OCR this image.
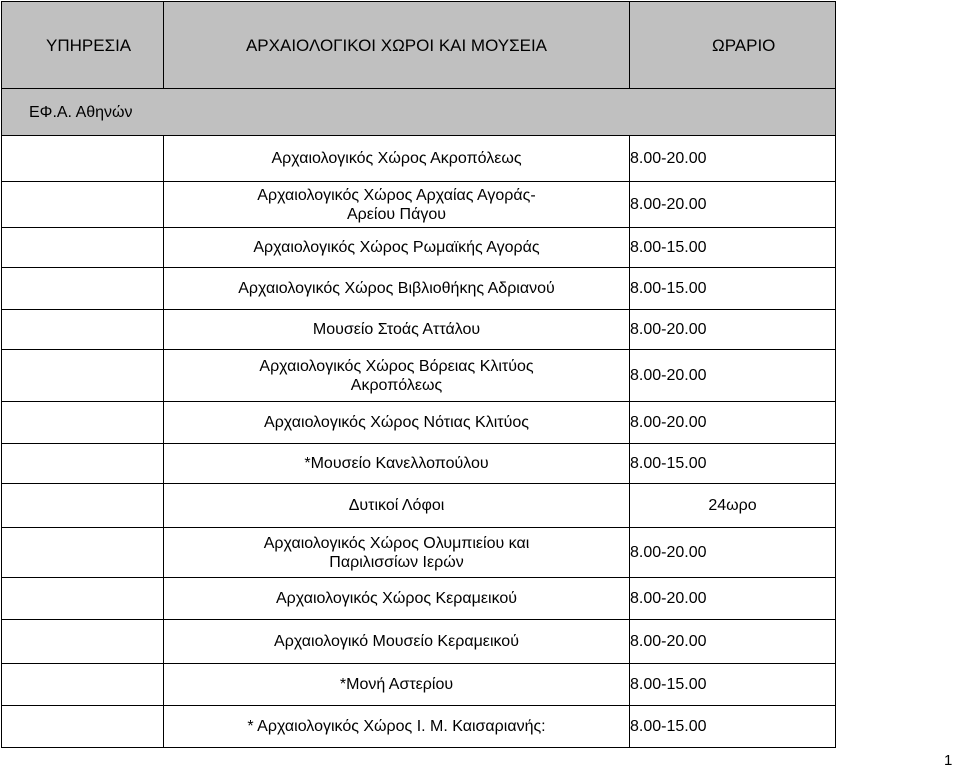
ΥΠΗΡΕΣΙΑ	ΑΡΧΑΙΟΛΟΓΙΚΟΙ ΧΩΡΟΙ ΚΑΙ ΜΟΥΣΕΙΑ	ΩΡΑΡΙΟ
ΕΦ.Α. Αθηνών		

	Αρχαιολογικός Χώρος Ακροπόλεως	8.00-20.00

	Αρχαιολογικός Χώρος Αρχαίας Αγοράς-
Αρείου Πάγου	8.00-20.00

	Αρχαιολογικός Χώρος Ρωμαϊκής Αγοράς	8.00-15.00

	Αρχαιολογικός Χώρος Βιβλιοθήκης Αδριανού	8.00-15.00

	Μουσείο Στοάς Αττάλου	8.00-20.00

	Αρχαιολογικός Χώρος Βόρειας Κλιτύος
Ακροπόλεως	8.00-20.00

	Αρχαιολογικός Χώρος Νότιας Κλιτύος	8.00-20.00

	*Μουσείο Κανελλοπούλου	8.00-15.00

	Δυτικοί Λόφοι	24ωρο

	Αρχαιολογικός Χώρος Ολυμπιείου και
Παριλισσίων Ιερών	8.00-20.00

	Αρχαιολογικός Χώρος Κεραμεικού	8.00-20.00

	Αρχαιολογικό Μουσείο Κεραμεικού	8.00-20.00

	*Μονή Αστερίου	8.00-15.00

	* Αρχαιολογικός Χώρος Ι. Μ. Καισαριανής:	8.00-15.00
1
